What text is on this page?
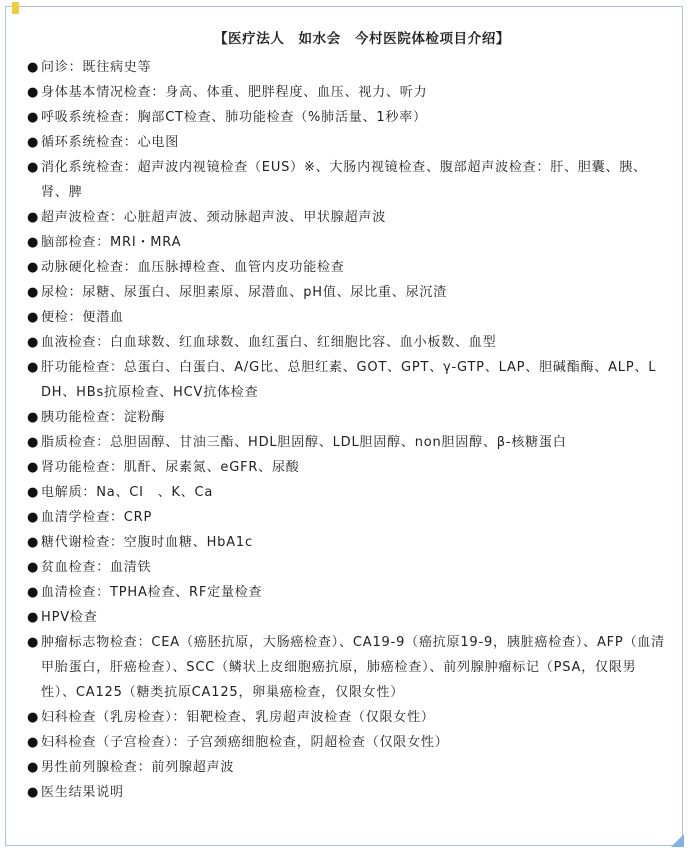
【医疗法人　如水会　今村医院体检项目介绍】
● 问诊：既往病史等
● 身体基本情况检查：身高、体重、肥胖程度、血压、视力、听力
● 呼吸系统检查：胸部CT检查、肺功能检查（%肺活量、1秒率）
● 循环系统检查：心电图
● 消化系统检查：超声波内视镜检查（EUS）※、大肠内视镜检查、腹部超声波检查：肝、胆囊、胰、肾、脾
● 超声波检查：心脏超声波、颈动脉超声波、甲状腺超声波
● 脑部检查：MRI・MRA
● 动脉硬化检查：血压脉搏检查、血管内皮功能检查
● 尿检：尿糖、尿蛋白、尿胆素原、尿潜血、pH值、尿比重、尿沉渣
● 便检：便潜血
● 血液检查：白血球数、红血球数、血红蛋白、红细胞比容、血小板数、血型
● 肝功能检查：总蛋白、白蛋白、A/G比、总胆红素、GOT、GPT、γ-GTP、LAP、胆碱酯酶、ALP、LDH、HBs抗原检查、HCV抗体检查
● 胰功能检查：淀粉酶
● 脂质检查：总胆固醇、甘油三酯、HDL胆固醇、LDL胆固醇、non胆固醇、β-核糖蛋白
● 肾功能检查：肌酐、尿素氮、eGFR、尿酸
● 电解质：Na、CI　、K、Ca
● 血清学检查：CRP
● 糖代谢检查：空腹时血糖、HbA1c
● 贫血检查：血清铁
● 血清检查：TPHA检查、RF定量检查
● HPV检查
● 肿瘤标志物检查：CEA（癌胚抗原，大肠癌检查）、CA19-9（癌抗原19-9，胰脏癌检查）、AFP（血清甲胎蛋白，肝癌检查）、SCC（鳞状上皮细胞癌抗原，肺癌检查）、前列腺肿瘤标记（PSA，仅限男性）、CA125（糖类抗原CA125，卵巢癌检查，仅限女性）
● 妇科检查（乳房检查）：钼靶检查、乳房超声波检查（仅限女性）
● 妇科检查（子宫检查）：子宫颈癌细胞检查，阴超检查（仅限女性）
● 男性前列腺检查：前列腺超声波
● 医生结果说明
